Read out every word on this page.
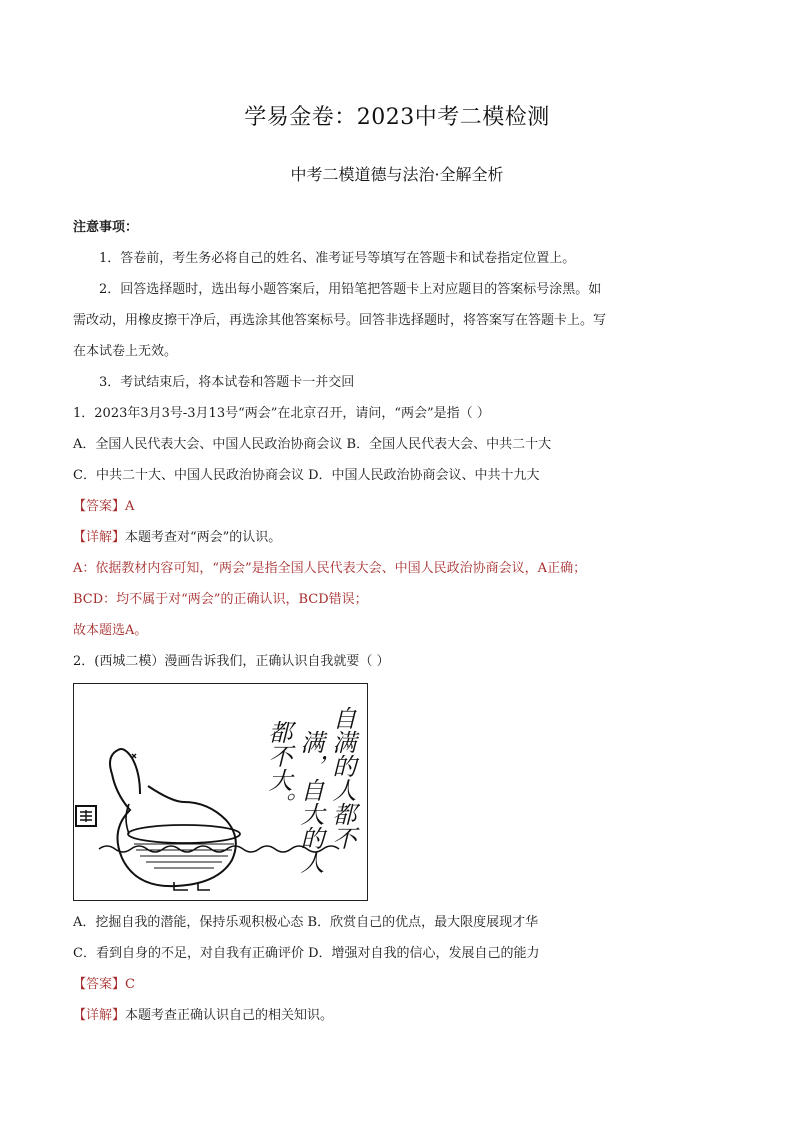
学易金卷：2023中考二模检测
中考二模道德与法治·全解全析
注意事项：
1．答卷前，考生务必将自己的姓名、准考证号等填写在答题卡和试卷指定位置上。
2．回答选择题时，选出每小题答案后，用铅笔把答题卡上对应题目的答案标号涂黑。如
需改动，用橡皮擦干净后，再选涂其他答案标号。回答非选择题时，将答案写在答题卡上。写
在本试卷上无效。
3．考试结束后，将本试卷和答题卡一并交回
1．2023年3月3号-3月13号“两会”在北京召开，请问，“两会”是指（ ）
A．全国人民代表大会、中国人民政治协商会议 B．全国人民代表大会、中共二十大
C．中共二十大、中国人民政治协商会议 D．中国人民政治协商会议、中共十九大
【答案】A
【详解】本题考查对“两会”的认识。
A：依据教材内容可知，“两会”是指全国人民代表大会、中国人民政治协商会议，A正确；
BCD：均不属于对“两会”的正确认识，BCD错误；
故本题选A。
2．(西城二模）漫画告诉我们，正确认识自我就要（ ）
自满的人都不
满，自大的人
都不大。
A．挖掘自我的潜能，保持乐观积极心态 B．欣赏自己的优点，最大限度展现才华
C．看到自身的不足，对自我有正确评价 D．增强对自我的信心，发展自己的能力
【答案】C
【详解】本题考查正确认识自己的相关知识。
